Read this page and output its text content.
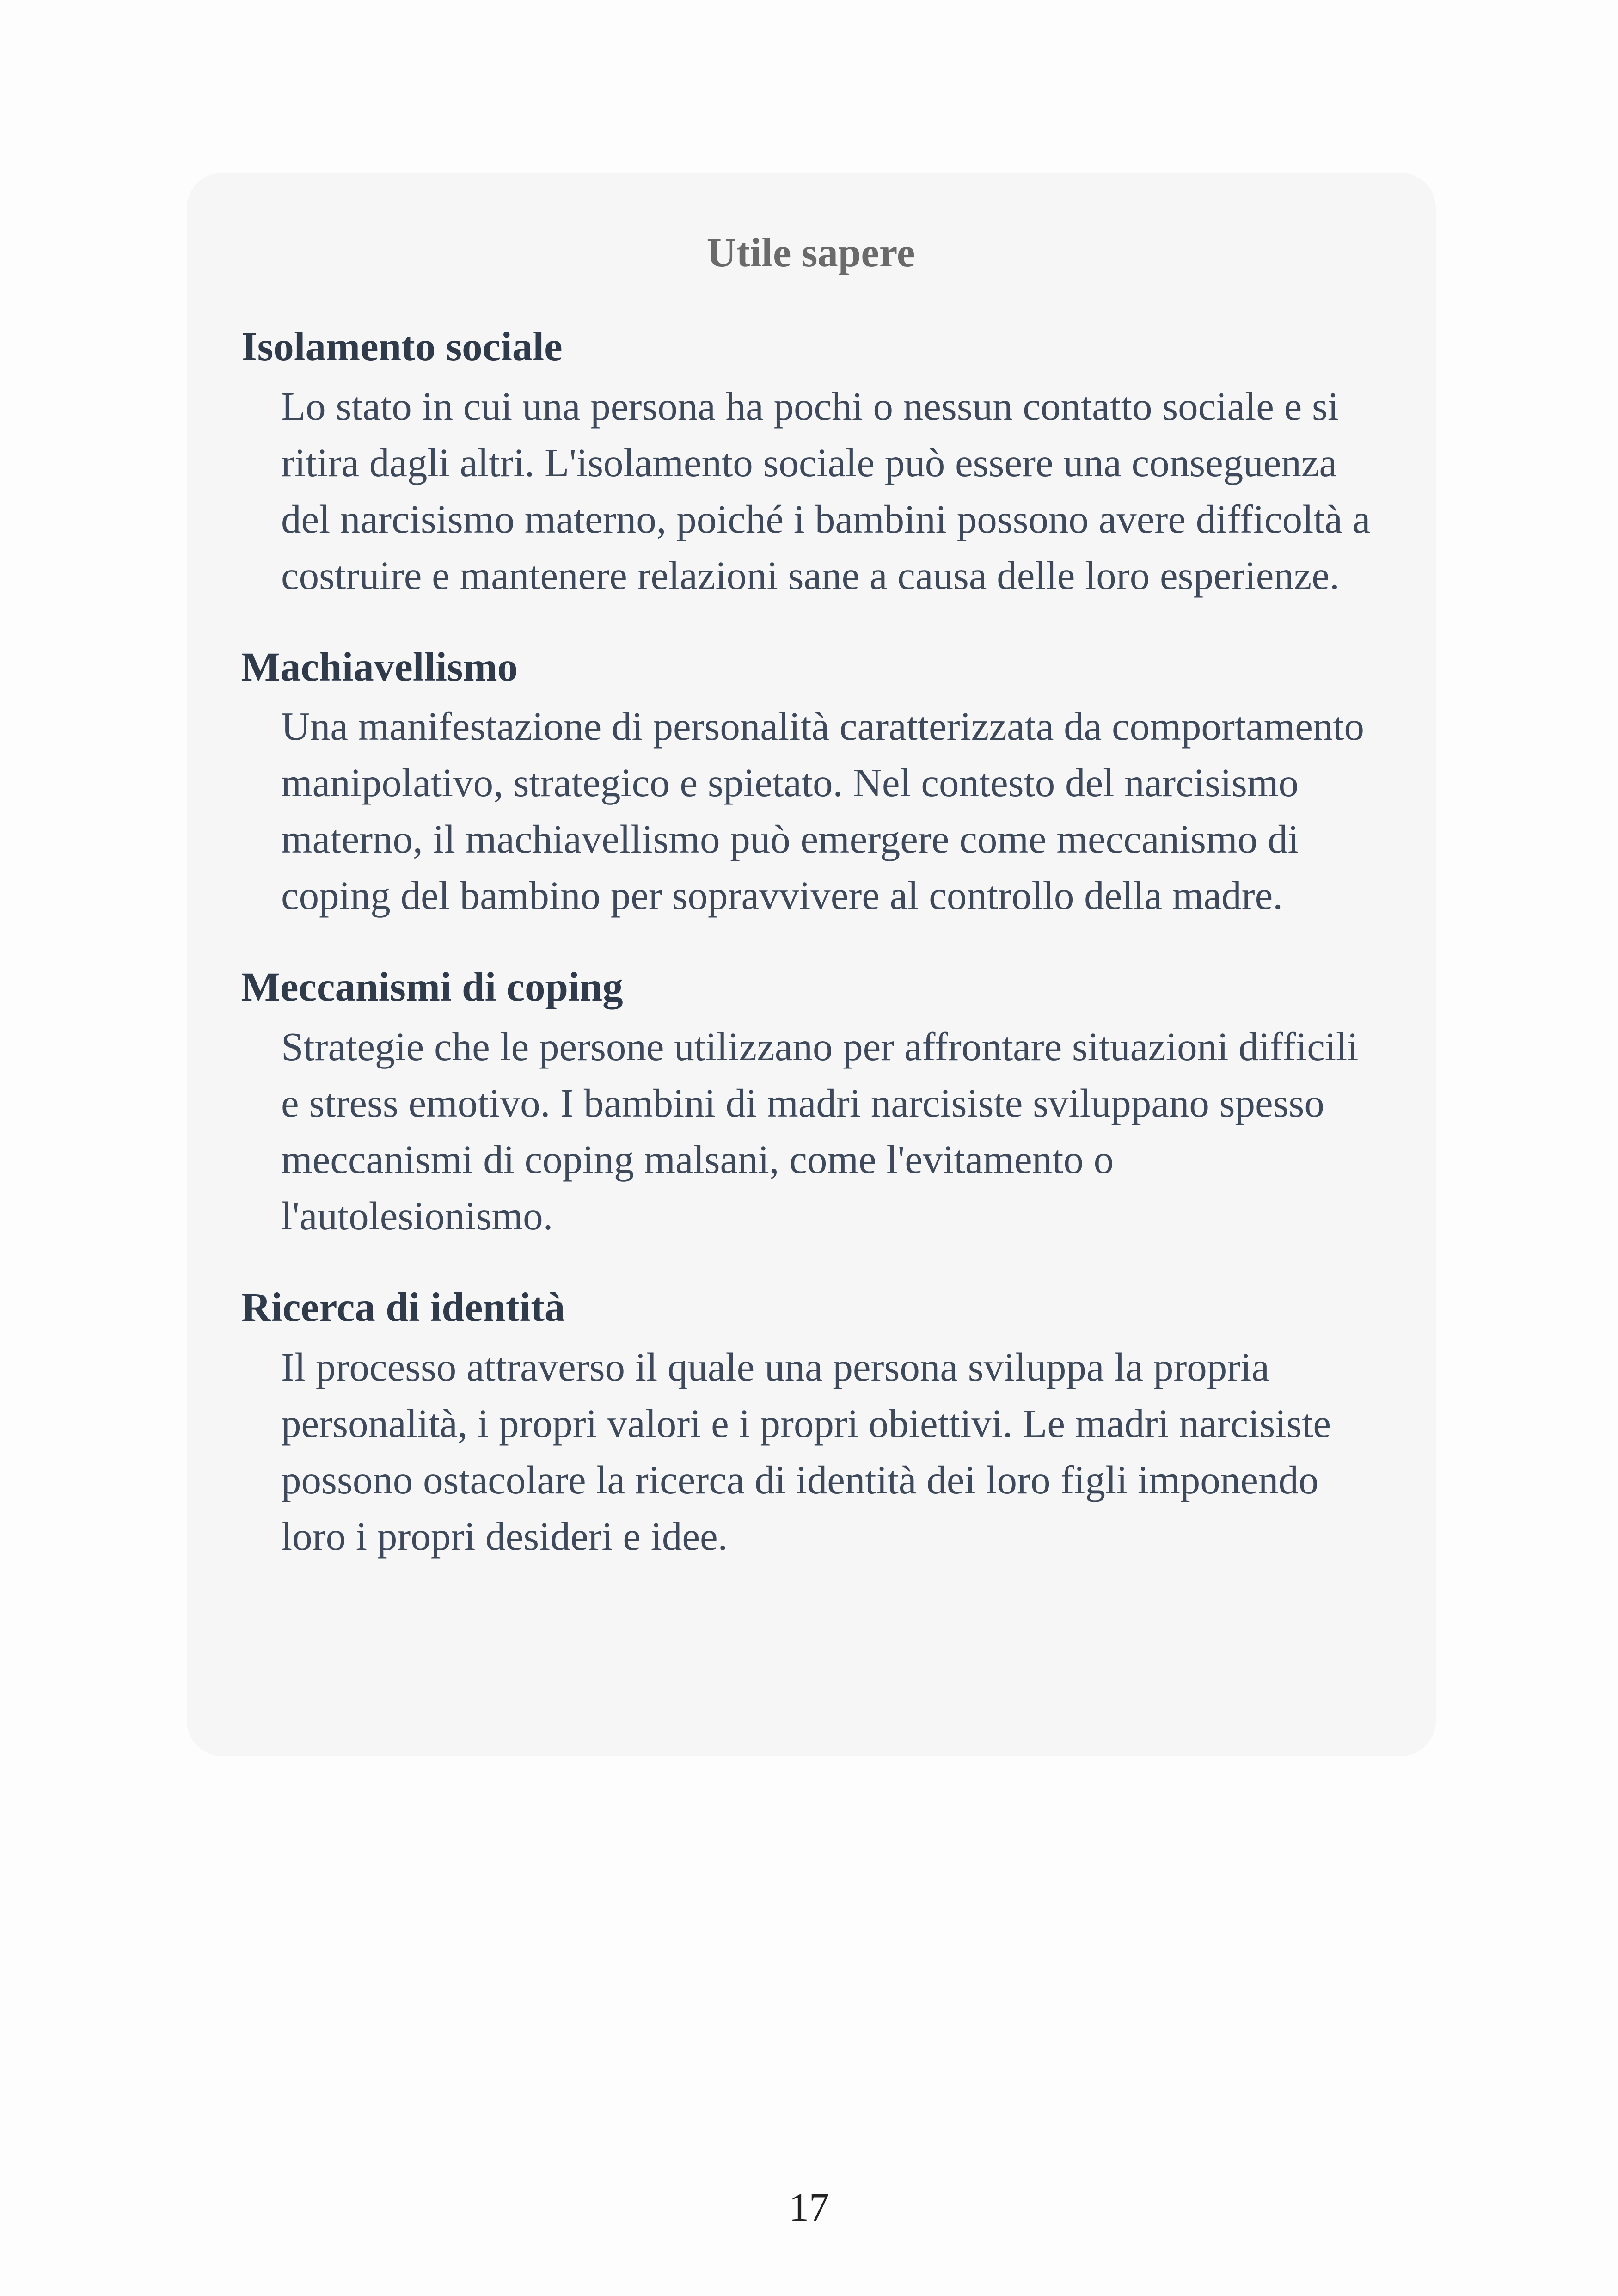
Utile sapere
Isolamento sociale
Lo stato in cui una persona ha pochi o nessun contatto sociale e si ritira dagli altri. L'isolamento sociale può essere una conseguenza del narcisismo materno, poiché i bambini possono avere difficoltà a costruire e mantenere relazioni sane a causa delle loro esperienze.
Machiavellismo
Una manifestazione di personalità caratterizzata da comportamento manipolativo, strategico e spietato. Nel contesto del narcisismo materno, il machiavellismo può emergere come meccanismo di coping del bambino per sopravvivere al controllo della madre.
Meccanismi di coping
Strategie che le persone utilizzano per affrontare situazioni difficili e stress emotivo. I bambini di madri narcisiste sviluppano spesso meccanismi di coping malsani, come l'evitamento o l'autolesionismo.
Ricerca di identità
Il processo attraverso il quale una persona sviluppa la propria personalità, i propri valori e i propri obiettivi. Le madri narcisiste possono ostacolare la ricerca di identità dei loro figli imponendo loro i propri desideri e idee.
17
